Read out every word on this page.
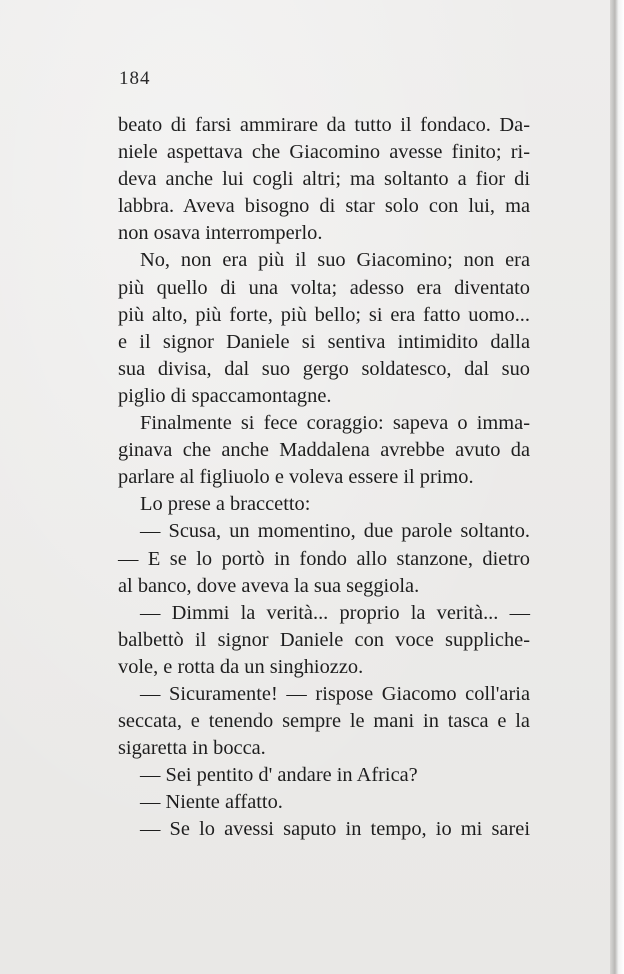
184
beato di farsi ammirare da tutto il fondaco. Da-
niele aspettava che Giacomino avesse finito; ri-
deva anche lui cogli altri; ma soltanto a fior di
labbra. Aveva bisogno di star solo con lui, ma
non osava interromperlo.
No, non era più il suo Giacomino; non era
più quello di una volta; adesso era diventato
più alto, più forte, più bello; si era fatto uomo...
e il signor Daniele si sentiva intimidito dalla
sua divisa, dal suo gergo soldatesco, dal suo
piglio di spaccamontagne.
Finalmente si fece coraggio: sapeva o imma-
ginava che anche Maddalena avrebbe avuto da
parlare al figliuolo e voleva essere il primo.
Lo prese a braccetto:
— Scusa, un momentino, due parole soltanto.
— E se lo portò in fondo allo stanzone, dietro
al banco, dove aveva la sua seggiola.
— Dimmi la verità... proprio la verità... —
balbettò il signor Daniele con voce suppliche-
vole, e rotta da un singhiozzo.
— Sicuramente! — rispose Giacomo coll'aria
seccata, e tenendo sempre le mani in tasca e la
sigaretta in bocca.
— Sei pentito d' andare in Africa?
— Niente affatto.
— Se lo avessi saputo in tempo, io mi sarei
